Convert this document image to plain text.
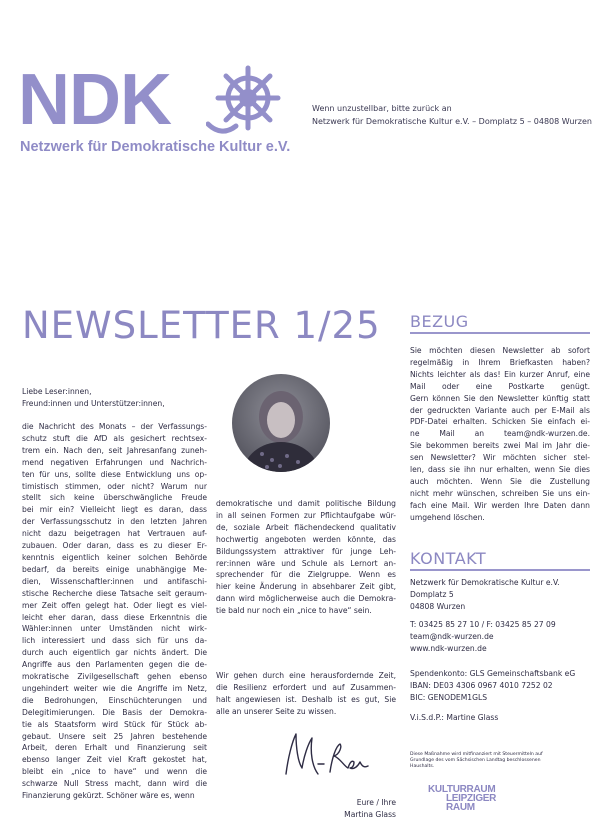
NDK
Netzwerk für Demokratische Kultur e.V.
Wenn unzustellbar, bitte zurück an
Netzwerk für Demokratische Kultur e.V. – Domplatz 5 – 04808 Wurzen
NEWSLETTER 1/25
Liebe Leser:innen,
Freund:innen und Unterstützer:innen,

die Nachricht des Monats – der Verfassungs-

schutz stuft die AfD als gesichert rechtsex-

trem ein. Nach den, seit Jahresanfang zuneh-

mend negativen Erfahrungen und Nachrich-

ten für uns, sollte diese Entwicklung uns op-

timistisch stimmen, oder nicht? Warum nur

stellt sich keine überschwängliche Freude

bei mir ein? Vielleicht liegt es daran, dass

der Verfassungsschutz in den letzten Jahren

nicht dazu beigetragen hat Vertrauen auf-

zubauen. Oder daran, dass es zu dieser Er-

kenntnis eigentlich keiner solchen Behörde

bedarf, da bereits einige unabhängige Me-

dien, Wissenschaftler:innen und antifaschi-

stische Recherche diese Tatsache seit geraum-

mer Zeit offen gelegt hat. Oder liegt es viel-

leicht eher daran, dass diese Erkenntnis die

Wähler:innen unter Umständen nicht wirk-

lich interessiert und dass sich für uns da-

durch auch eigentlich gar nichts ändert. Die

Angriffe aus den Parlamenten gegen die de-

mokratische Zivilgesellschaft gehen ebenso

ungehindert weiter wie die Angriffe im Netz,

die Bedrohungen, Einschüchterungen und

Delegitimierungen. Die Basis der Demokra-

tie als Staatsform wird Stück für Stück ab-

gebaut. Unsere seit 25 Jahren bestehende

Arbeit, deren Erhalt und Finanzierung seit

ebenso langer Zeit viel Kraft gekostet hat,

bleibt ein „nice to have“ und wenn die

schwarze Null Stress macht, dann wird die

Finanzierung gekürzt. Schöner wäre es, wenn

demokratische und damit politische Bildung

in all seinen Formen zur Pflichtaufgabe wür-

de, soziale Arbeit flächendeckend qualitativ

hochwertig angeboten werden könnte, das

Bildungssystem attraktiver für junge Leh-

rer:innen wäre und Schule als Lernort an-

sprechender für die Zielgruppe. Wenn es

hier keine Änderung in absehbarer Zeit gibt,

dann wird möglicherweise auch die Demokra-

tie bald nur noch ein „nice to have“ sein.

Wir gehen durch eine herausfordernde Zeit,

die Resilienz erfordert und auf Zusammen-

halt angewiesen ist. Deshalb ist es gut, Sie

alle an unserer Seite zu wissen.

Eure / Ihre
Martina Glass
BEZUG

Sie möchten diesen Newsletter ab sofort

regelmäßig in Ihrem Briefkasten haben?

Nichts leichter als das! Ein kurzer Anruf, eine

Mail oder eine Postkarte genügt.

Gern können Sie den Newsletter künftig statt

der gedruckten Variante auch per E-Mail als

PDF-Datei erhalten. Schicken Sie einfach ei-

ne Mail an team@ndk-wurzen.de.

Sie bekommen bereits zwei Mal im Jahr die-

sen Newsletter? Wir möchten sicher stel-

len, dass sie ihn nur erhalten, wenn Sie dies

auch möchten. Wenn Sie die Zustellung

nicht mehr wünschen, schreiben Sie uns ein-

fach eine Mail. Wir werden Ihre Daten dann

umgehend löschen.

KONTAKT
Netzwerk für Demokratische Kultur e.V.
Domplatz 5
04808 Wurzen
T: 03425 85 27 10 / F: 03425 85 27 09
team@ndk-wurzen.de
www.ndk-wurzen.de
Spendenkonto: GLS Gemeinschaftsbank eG
IBAN: DE03 4306 0967 4010 7252 02
BIC: GENODEM1GLS
V.i.S.d.P.: Martine Glass
Diese Maßnahme wird mitfinanziert mit Steuermitteln auf
Grundlage des vom Sächsischen Landtag beschlossenen
Haushalts.
KULTURRAUM
LEIPZIGER
RAUM
